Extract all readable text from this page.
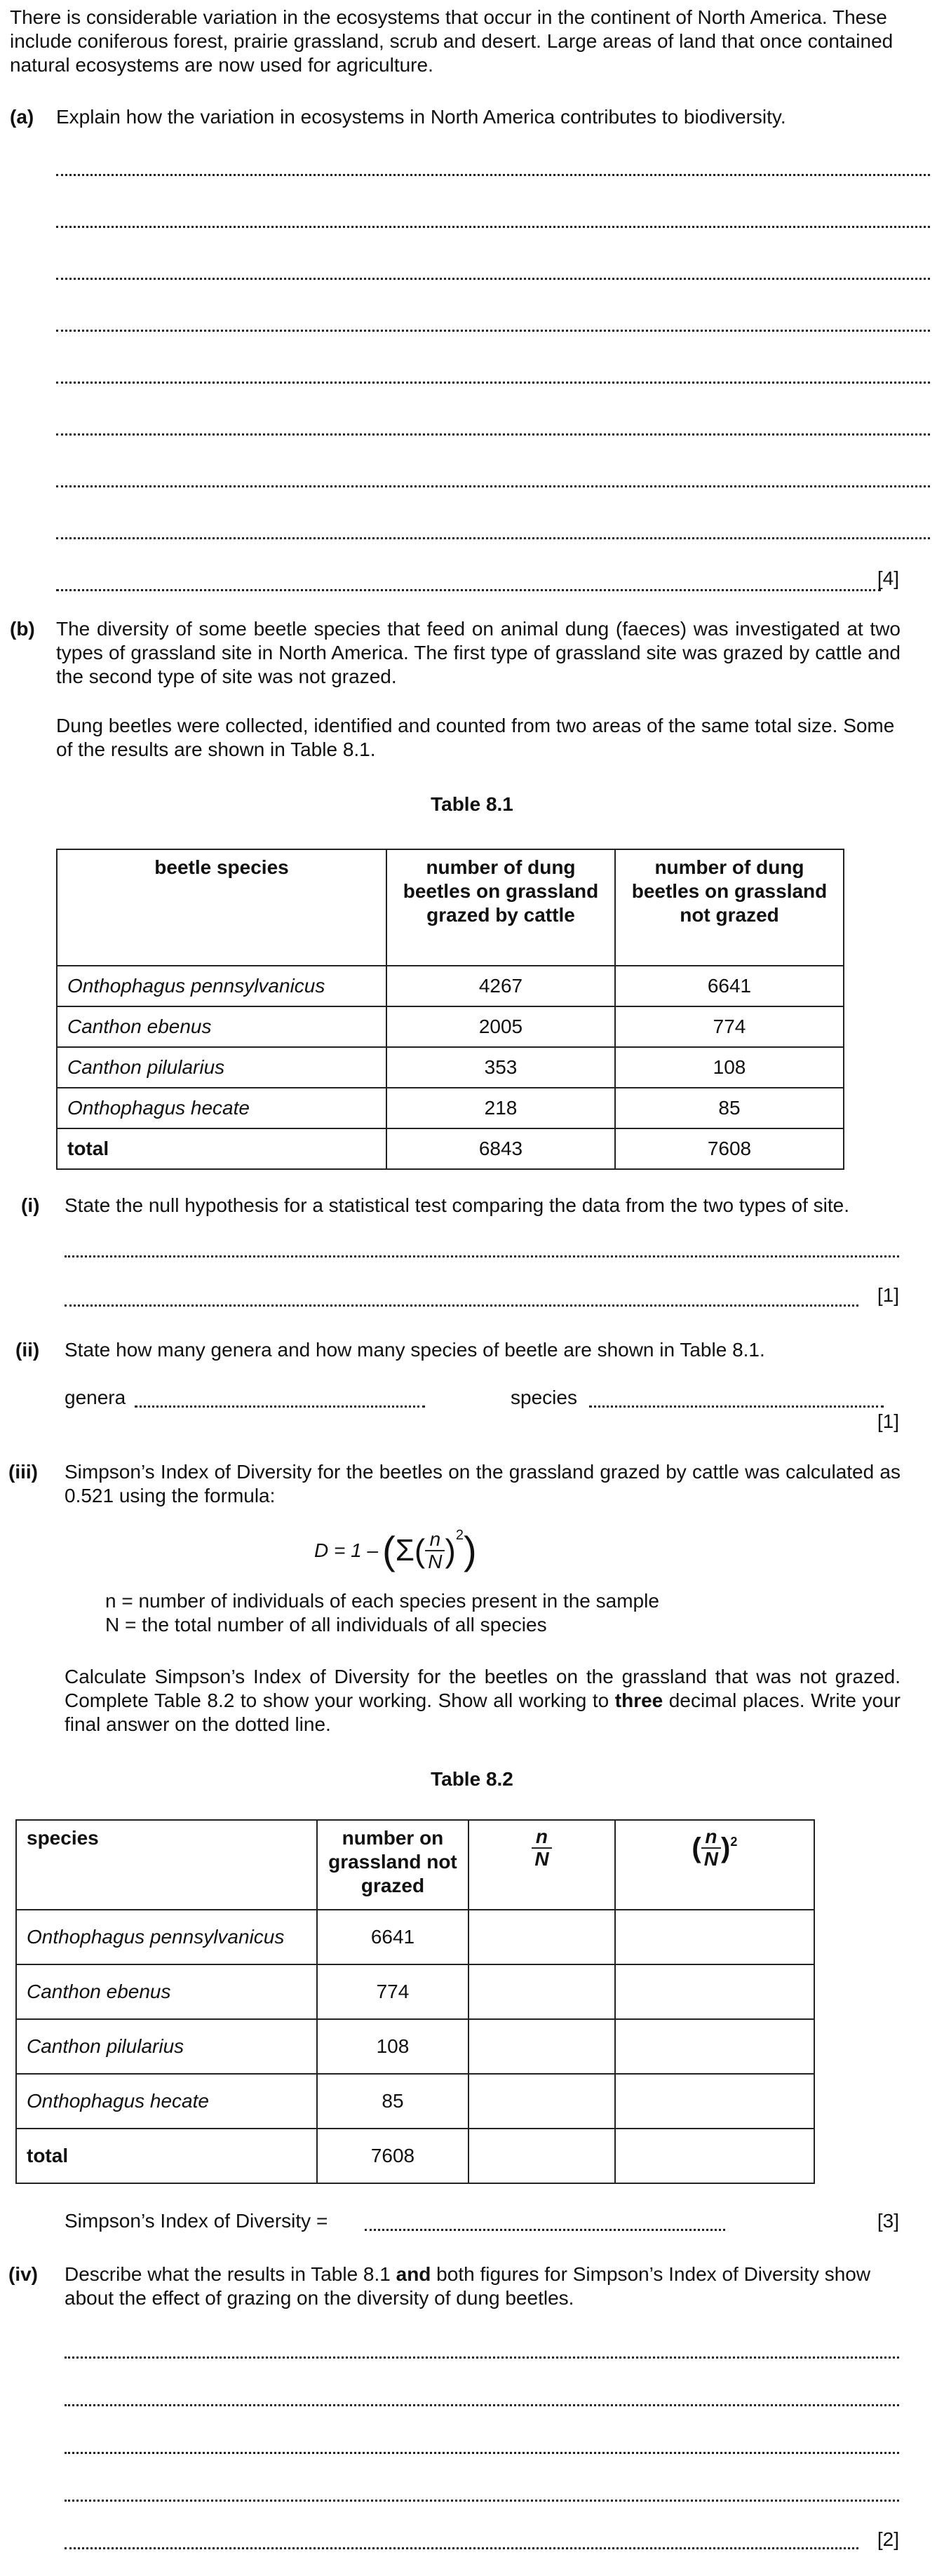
There is considerable variation in the ecosystems that occur in the continent of North America. These include coniferous forest, prairie grassland, scrub and desert. Large areas of land that once contained natural ecosystems are now used for agriculture.
(a) Explain how the variation in ecosystems in North America contributes to biodiversity.
[4]
(b) The diversity of some beetle species that feed on animal dung (faeces) was investigated at two types of grassland site in North America. The first type of grassland site was grazed by cattle and the second type of site was not grazed.
Dung beetles were collected, identified and counted from two areas of the same total size. Some of the results are shown in Table 8.1.
Table 8.1
beetle species	number of dung beetles on grassland grazed by cattle	number of dung beetles on grassland not grazed
Onthophagus pennsylvanicus	4267	6641
Canthon ebenus	2005	774
Canthon pilularius	353	108
Onthophagus hecate	218	85
total	6843	7608
(i) State the null hypothesis for a statistical test comparing the data from the two types of site.
[1]
(ii) State how many genera and how many species of beetle are shown in Table 8.1.
genera	species
[1]
(iii) Simpson’s Index of Diversity for the beetles on the grassland grazed by cattle was calculated as 0.521 using the formula:
D = 1 – ( Σ ( $\frac{n}{N}$ ) 2 )
n = number of individuals of each species present in the sample
N = the total number of all individuals of all species
Calculate Simpson’s Index of Diversity for the beetles on the grassland that was not grazed. Complete Table 8.2 to show your working. Show all working to three decimal places. Write your final answer on the dotted line.
Table 8.2
species	number on grassland not grazed	$\frac{n}{N}$	( $\frac{n}{N} )^2$
Onthophagus pennsylvanicus	6641		
Canthon ebenus	774		
Canthon pilularius	108		
Onthophagus hecate	85		
total	7608		
Simpson’s Index of Diversity =	[3]
(iv) Describe what the results in Table 8.1 and both figures for Simpson’s Index of Diversity show about the effect of grazing on the diversity of dung beetles.
[2]
